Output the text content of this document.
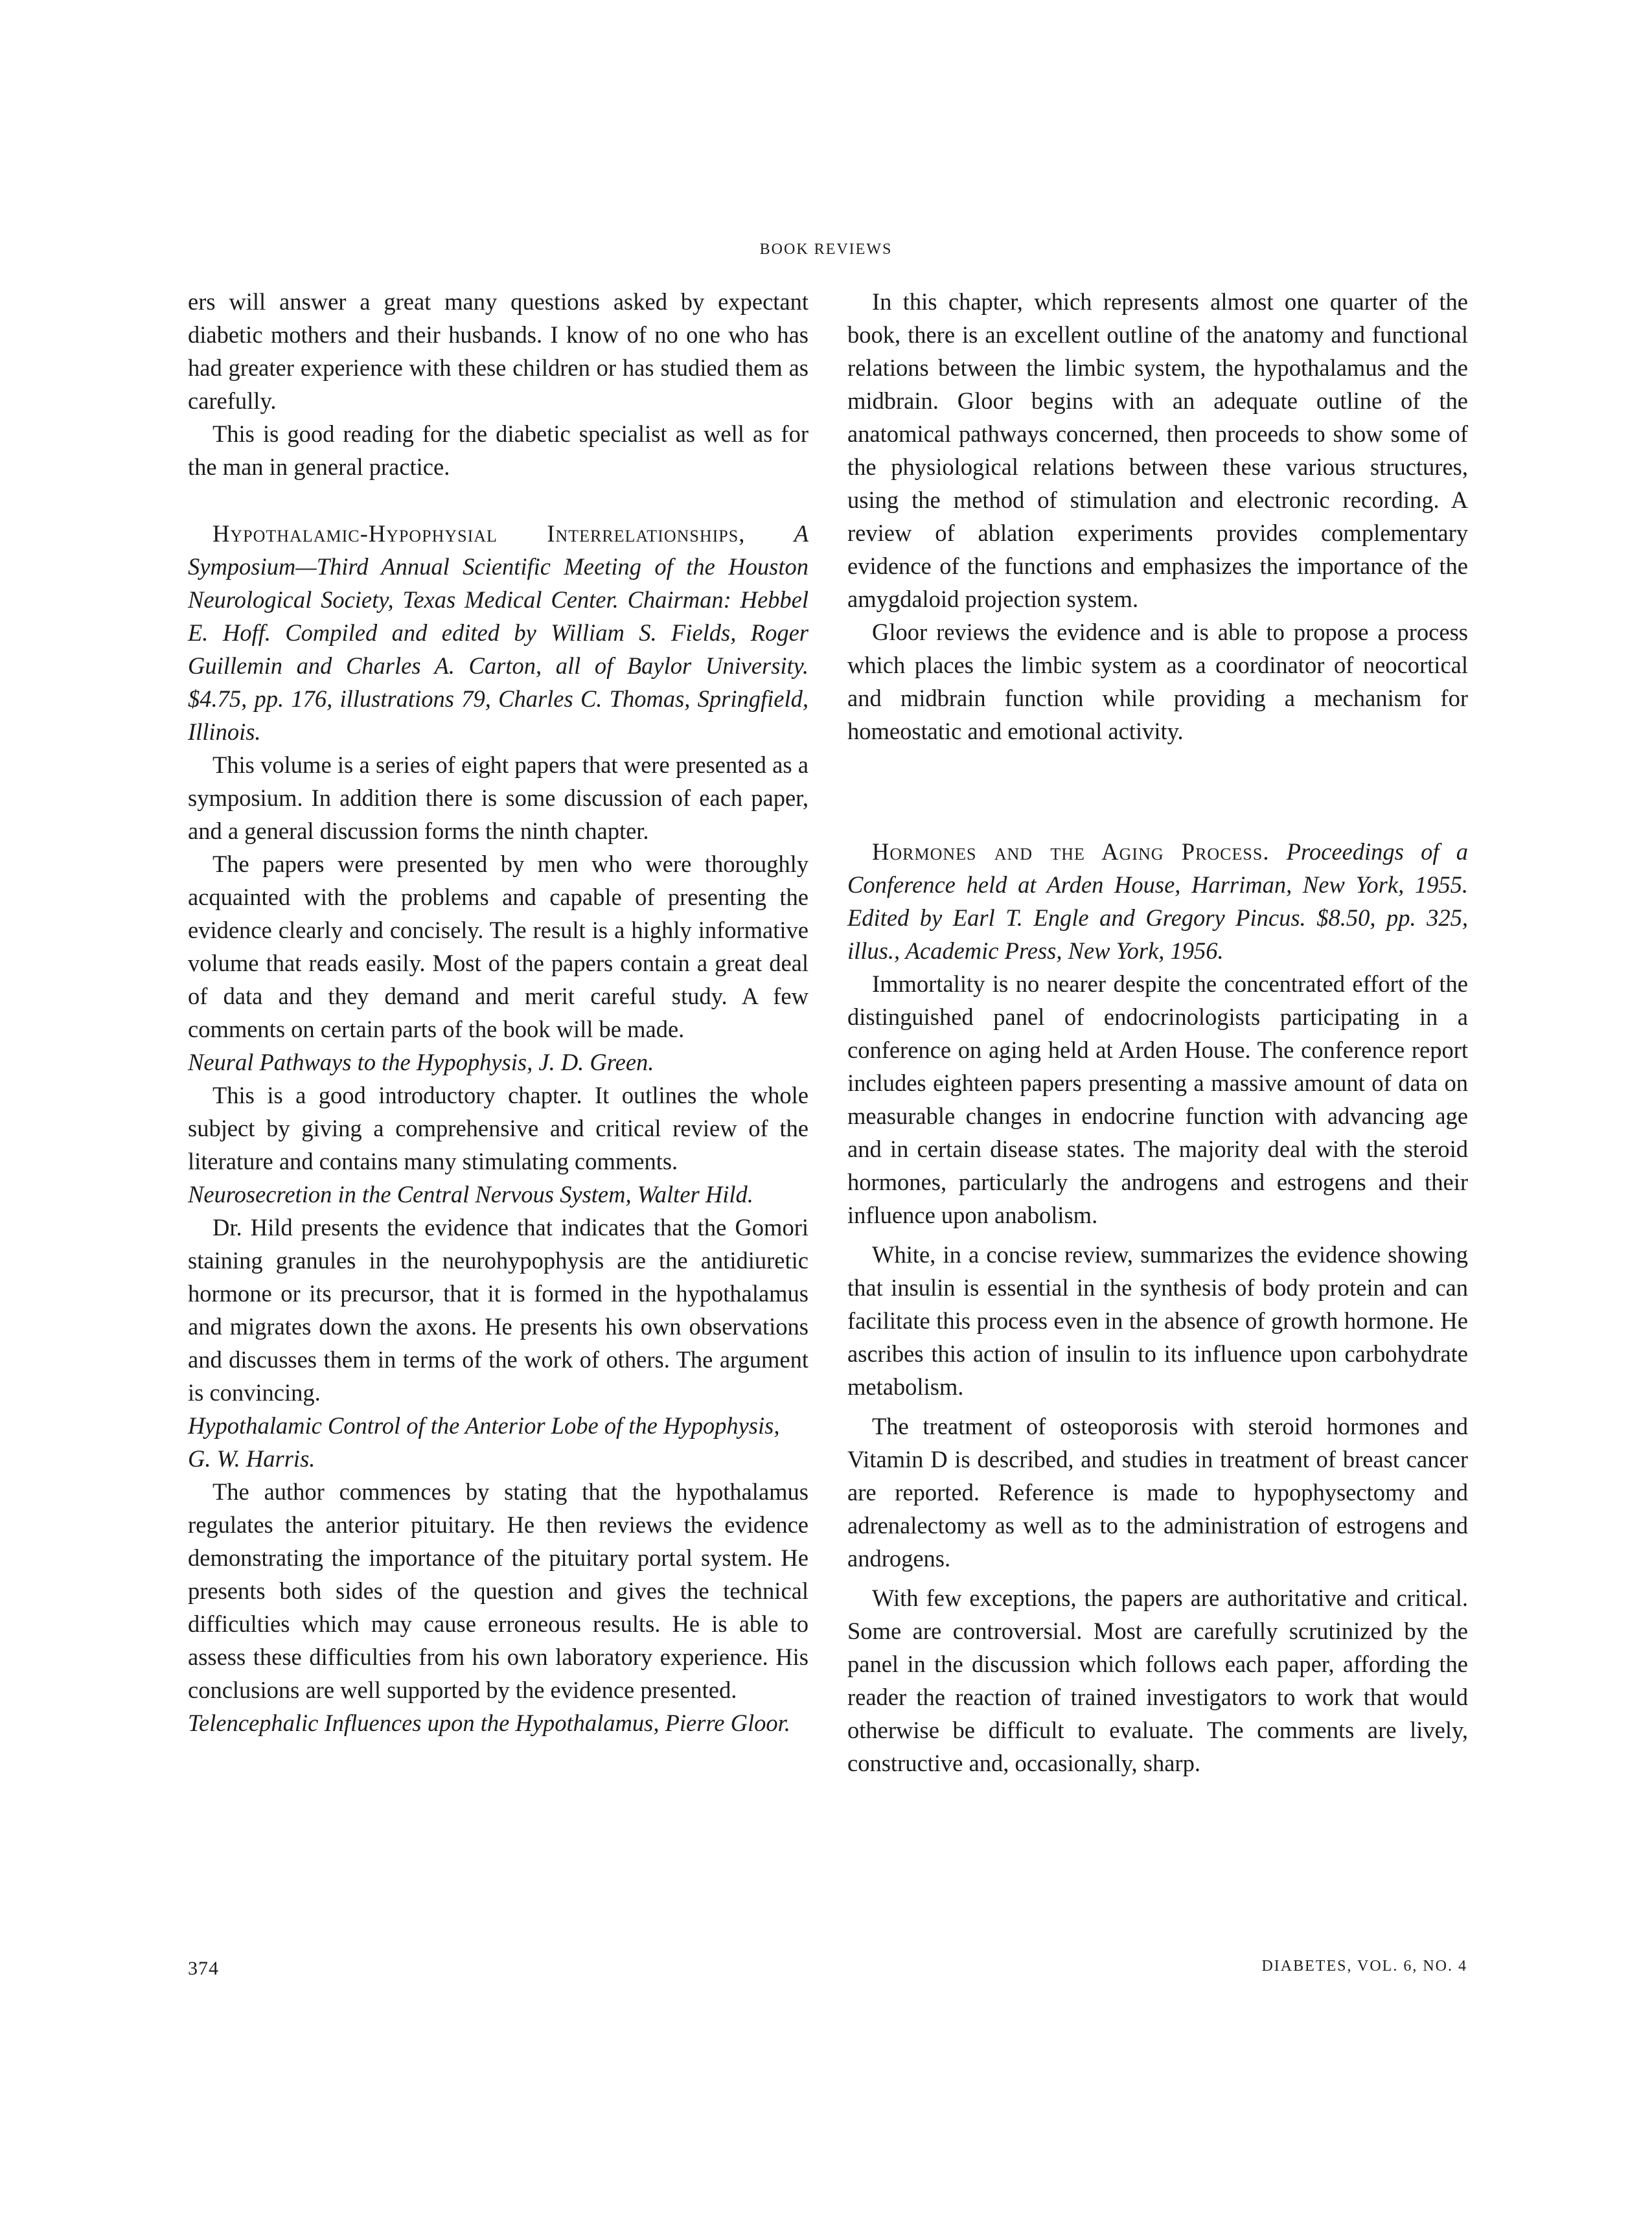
BOOK REVIEWS

ers will answer a great many questions asked by expectant diabetic mothers and their husbands. I know of no one who has had greater experience with these children or has studied them as carefully.

This is good reading for the diabetic specialist as well as for the man in general practice.

Hypothalamic-Hypophysial Interrelationships, A Symposium—Third Annual Scientific Meeting of the Houston Neurological Society, Texas Medical Center. Chairman: Hebbel E. Hoff. Compiled and edited by William S. Fields, Roger Guillemin and Charles A. Carton, all of Baylor University. $4.75, pp. 176, illustrations 79, Charles C. Thomas, Springfield, Illinois.

This volume is a series of eight papers that were presented as a symposium. In addition there is some discussion of each paper, and a general discussion forms the ninth chapter.

The papers were presented by men who were thoroughly acquainted with the problems and capable of presenting the evidence clearly and concisely. The result is a highly informative volume that reads easily. Most of the papers contain a great deal of data and they demand and merit careful study. A few comments on certain parts of the book will be made.

Neural Pathways to the Hypophysis, J. D. Green.

This is a good introductory chapter. It outlines the whole subject by giving a comprehensive and critical review of the literature and contains many stimulating comments.

Neurosecretion in the Central Nervous System, Walter Hild.

Dr. Hild presents the evidence that indicates that the Gomori staining granules in the neurohypophysis are the antidiuretic hormone or its precursor, that it is formed in the hypothalamus and migrates down the axons. He presents his own observations and discusses them in terms of the work of others. The argument is convincing.

Hypothalamic Control of the Anterior Lobe of the Hypophysis, G. W. Harris.

The author commences by stating that the hypothalamus regulates the anterior pituitary. He then reviews the evidence demonstrating the importance of the pituitary portal system. He presents both sides of the question and gives the technical difficulties which may cause erroneous results. He is able to assess these difficulties from his own laboratory experience. His conclusions are well supported by the evidence presented.

Telencephalic Influences upon the Hypothalamus, Pierre Gloor.

In this chapter, which represents almost one quarter of the book, there is an excellent outline of the anatomy and functional relations between the limbic system, the hypothalamus and the midbrain. Gloor begins with an adequate outline of the anatomical pathways concerned, then proceeds to show some of the physiological relations between these various structures, using the method of stimulation and electronic recording. A review of ablation experiments provides complementary evidence of the functions and emphasizes the importance of the amygdaloid projection system.

Gloor reviews the evidence and is able to propose a process which places the limbic system as a coordinator of neocortical and midbrain function while providing a mechanism for homeostatic and emotional activity.

Hormones and the Aging Process. Proceedings of a Conference held at Arden House, Harriman, New York, 1955. Edited by Earl T. Engle and Gregory Pincus. $8.50, pp. 325, illus., Academic Press, New York, 1956.

Immortality is no nearer despite the concentrated effort of the distinguished panel of endocrinologists participating in a conference on aging held at Arden House. The conference report includes eighteen papers presenting a massive amount of data on measurable changes in endocrine function with advancing age and in certain disease states. The majority deal with the steroid hormones, particularly the androgens and estrogens and their influence upon anabolism.

White, in a concise review, summarizes the evidence showing that insulin is essential in the synthesis of body protein and can facilitate this process even in the absence of growth hormone. He ascribes this action of insulin to its influence upon carbohydrate metabolism.

The treatment of osteoporosis with steroid hormones and Vitamin D is described, and studies in treatment of breast cancer are reported. Reference is made to hypophysectomy and adrenalectomy as well as to the administration of estrogens and androgens.

With few exceptions, the papers are authoritative and critical. Some are controversial. Most are carefully scrutinized by the panel in the discussion which follows each paper, affording the reader the reaction of trained investigators to work that would otherwise be difficult to evaluate. The comments are lively, constructive and, occasionally, sharp.

374	DIABETES, VOL. 6, NO. 4
